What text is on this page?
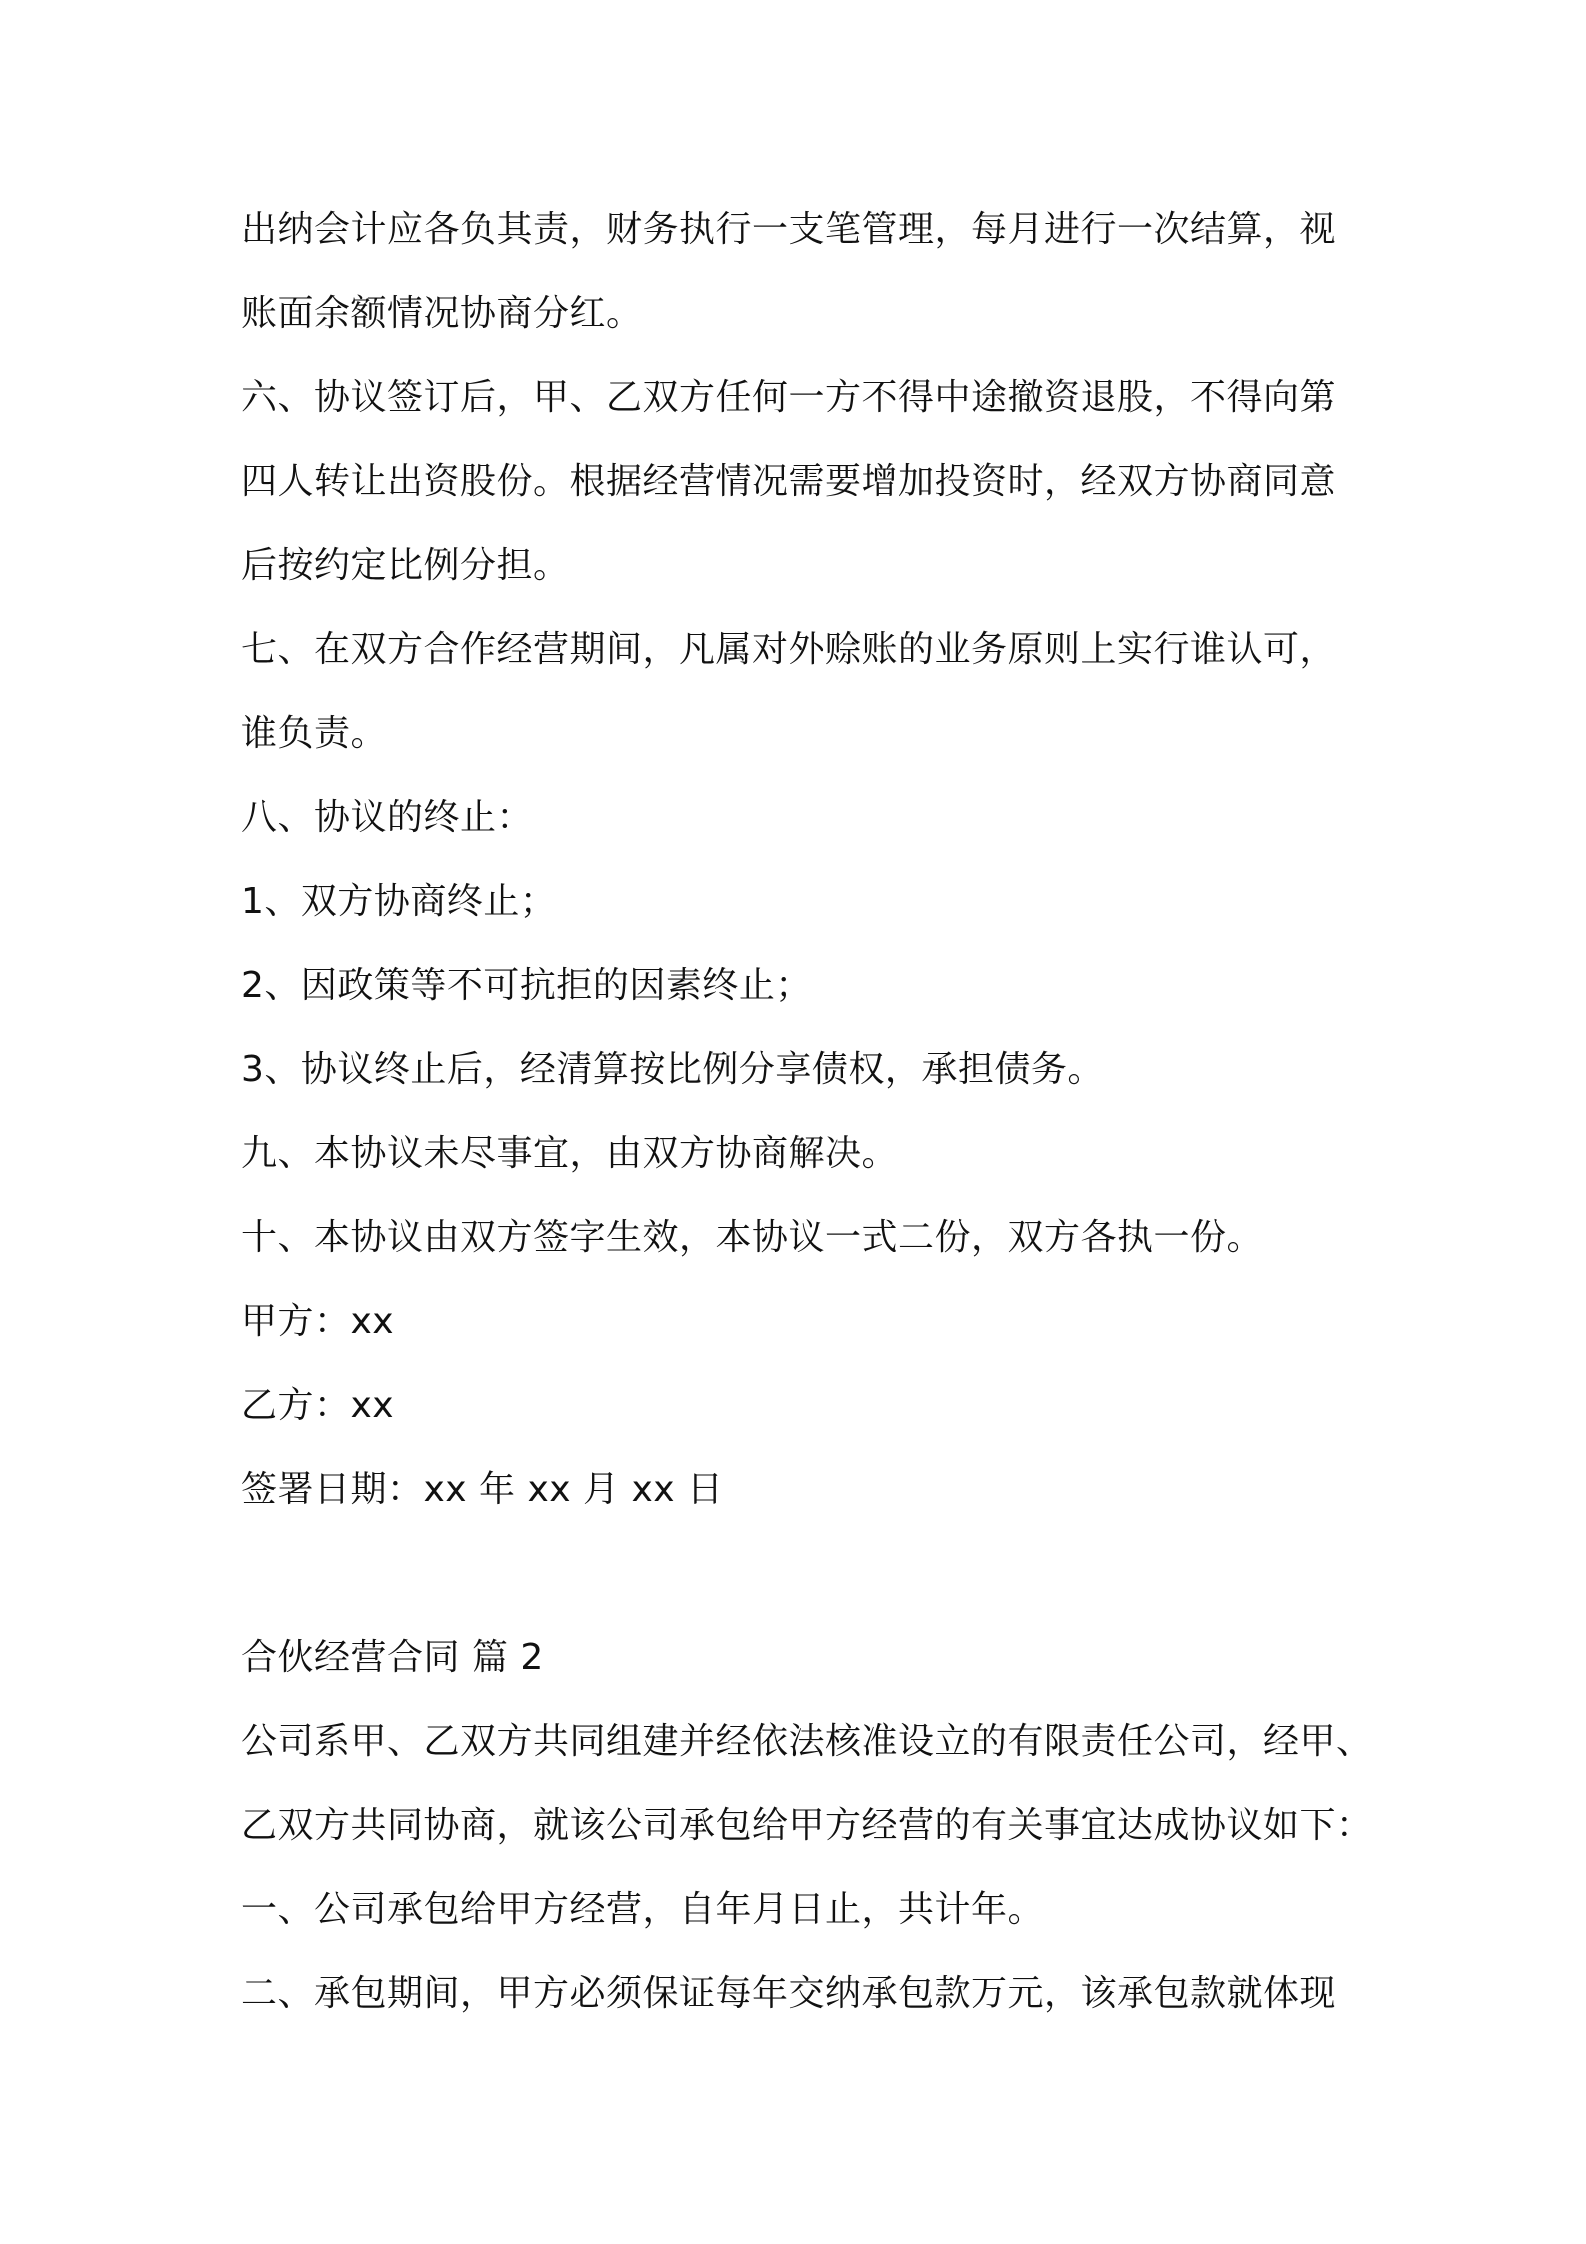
出纳会计应各负其责，财务执行一支笔管理，每月进行一次结算，视
账面余额情况协商分红。
六、协议签订后，甲、乙双方任何一方不得中途撤资退股，不得向第
四人转让出资股份。根据经营情况需要增加投资时，经双方协商同意
后按约定比例分担。
七、在双方合作经营期间，凡属对外赊账的业务原则上实行谁认可，
谁负责。
八、协议的终止：
1、双方协商终止；
2、因政策等不可抗拒的因素终止；
3、协议终止后，经清算按比例分享债权，承担债务。
九、本协议未尽事宜，由双方协商解决。
十、本协议由双方签字生效，本协议一式二份，双方各执一份。
甲方：xx
乙方：xx
签署日期：xx 年 xx 月 xx 日
合伙经营合同 篇 2
公司系甲、乙双方共同组建并经依法核准设立的有限责任公司，经甲、
乙双方共同协商，就该公司承包给甲方经营的有关事宜达成协议如下：
一、公司承包给甲方经营，自年月日止，共计年。
二、承包期间，甲方必须保证每年交纳承包款万元，该承包款就体现
